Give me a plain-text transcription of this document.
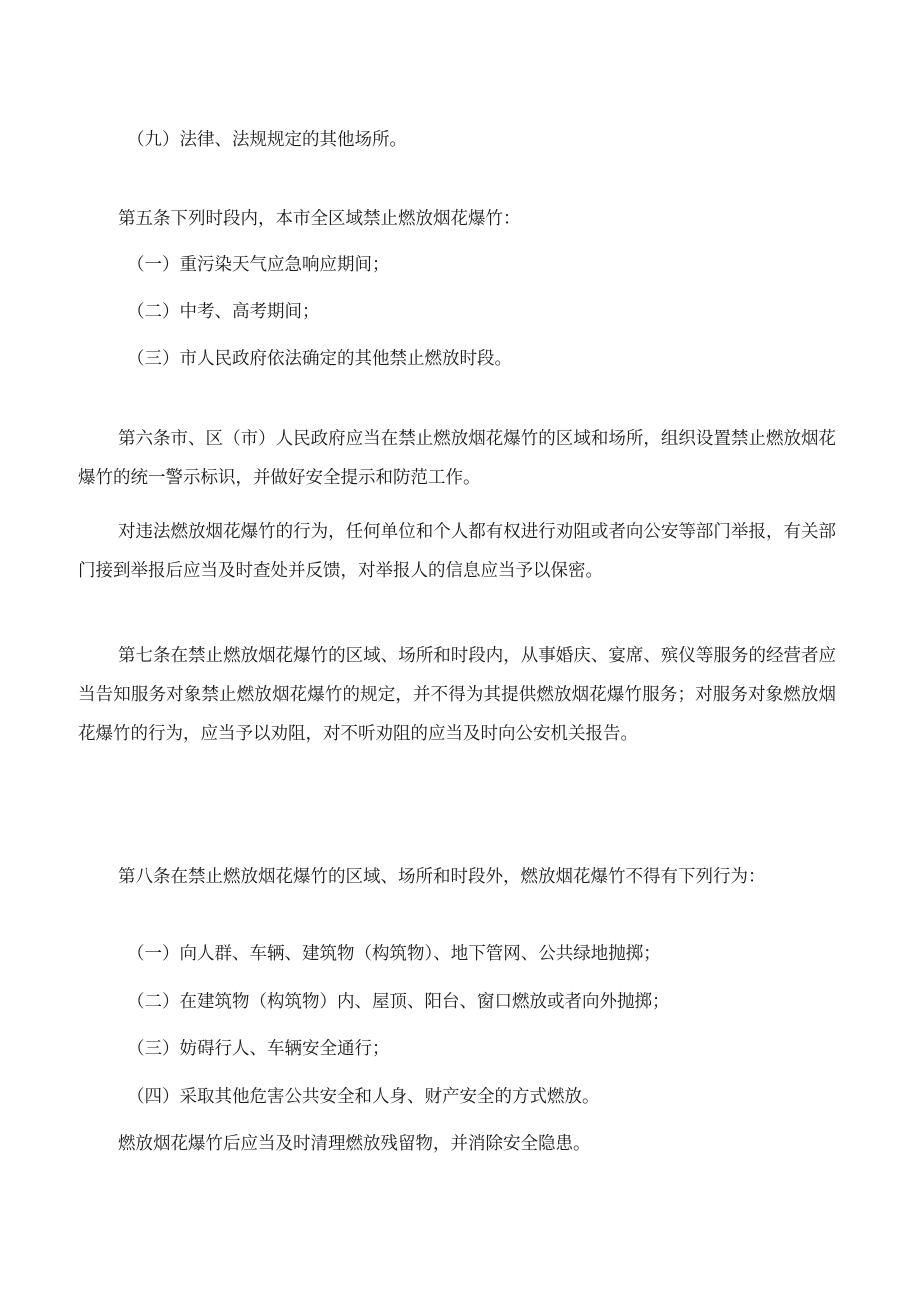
（九）法律、法规规定的其他场所。

第五条下列时段内，本市全区域禁止燃放烟花爆竹：

（一）重污染天气应急响应期间；

（二）中考、高考期间；

（三）市人民政府依法确定的其他禁止燃放时段。

第六条市、区（市）人民政府应当在禁止燃放烟花爆竹的区域和场所，组织设置禁止燃放烟花爆竹的统一警示标识，并做好安全提示和防范工作。

对违法燃放烟花爆竹的行为，任何单位和个人都有权进行劝阻或者向公安等部门举报，有关部门接到举报后应当及时查处并反馈，对举报人的信息应当予以保密。

第七条在禁止燃放烟花爆竹的区域、场所和时段内，从事婚庆、宴席、殡仪等服务的经营者应当告知服务对象禁止燃放烟花爆竹的规定，并不得为其提供燃放烟花爆竹服务；对服务对象燃放烟花爆竹的行为，应当予以劝阻，对不听劝阻的应当及时向公安机关报告。

第八条在禁止燃放烟花爆竹的区域、场所和时段外，燃放烟花爆竹不得有下列行为：

（一）向人群、车辆、建筑物（构筑物）、地下管网、公共绿地抛掷；

（二）在建筑物（构筑物）内、屋顶、阳台、窗口燃放或者向外抛掷；

（三）妨碍行人、车辆安全通行；

（四）采取其他危害公共安全和人身、财产安全的方式燃放。

燃放烟花爆竹后应当及时清理燃放残留物，并消除安全隐患。
